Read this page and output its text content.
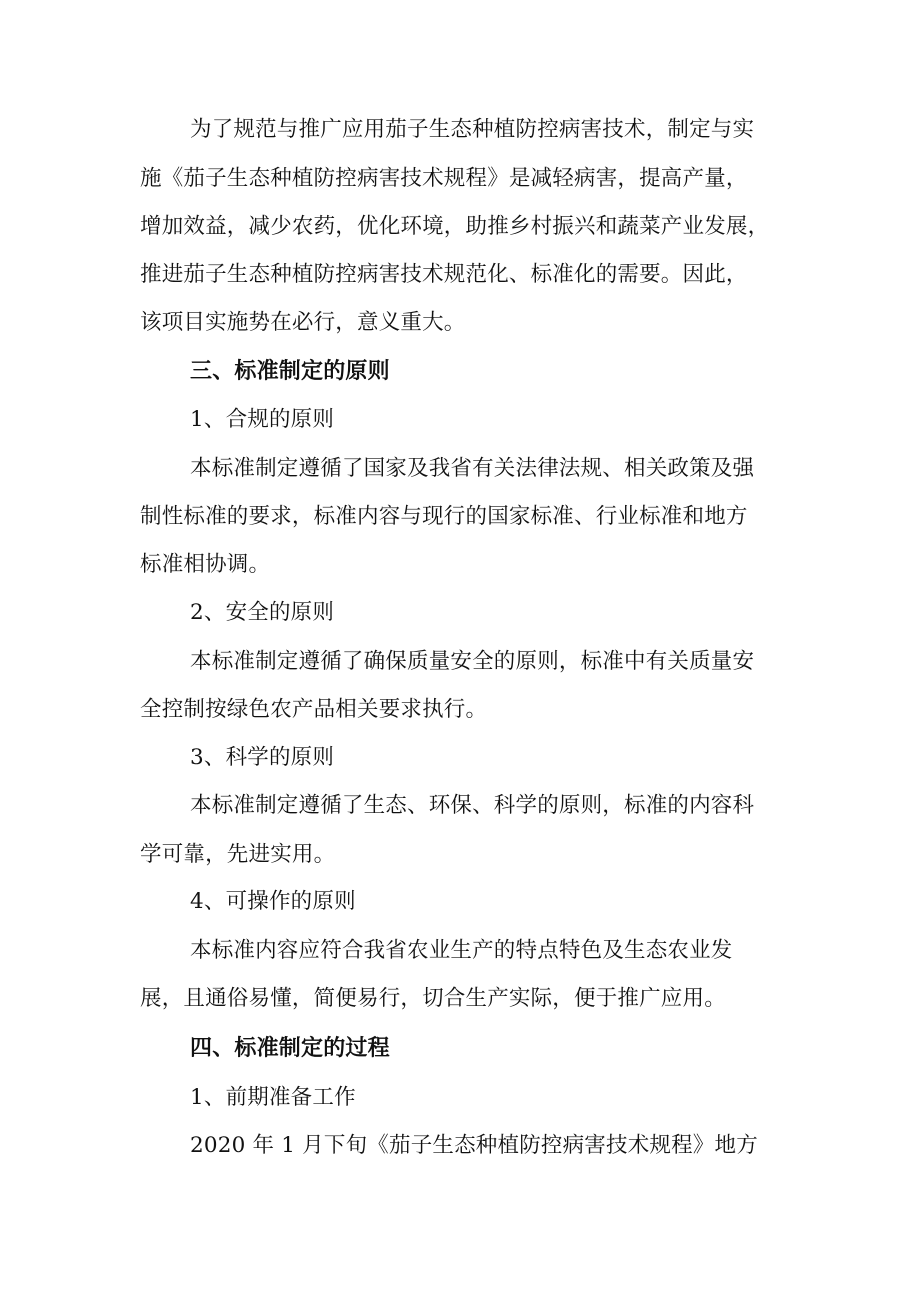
为了规范与推广应用茄子生态种植防控病害技术，制定与实
施《茄子生态种植防控病害技术规程》是减轻病害，提高产量，
增加效益，减少农药，优化环境，助推乡村振兴和蔬菜产业发展，
推进茄子生态种植防控病害技术规范化、标准化的需要。因此，
该项目实施势在必行，意义重大。
三、标准制定的原则
1、合规的原则
本标准制定遵循了国家及我省有关法律法规、相关政策及强
制性标准的要求，标准内容与现行的国家标准、行业标准和地方
标准相协调。
2、安全的原则
本标准制定遵循了确保质量安全的原则，标准中有关质量安
全控制按绿色农产品相关要求执行。
3、科学的原则
本标准制定遵循了生态、环保、科学的原则，标准的内容科
学可靠，先进实用。
4、可操作的原则
本标准内容应符合我省农业生产的特点特色及生态农业发
展，且通俗易懂，简便易行，切合生产实际，便于推广应用。
四、标准制定的过程
1、前期准备工作
2020 年 1 月下旬《茄子生态种植防控病害技术规程》地方
